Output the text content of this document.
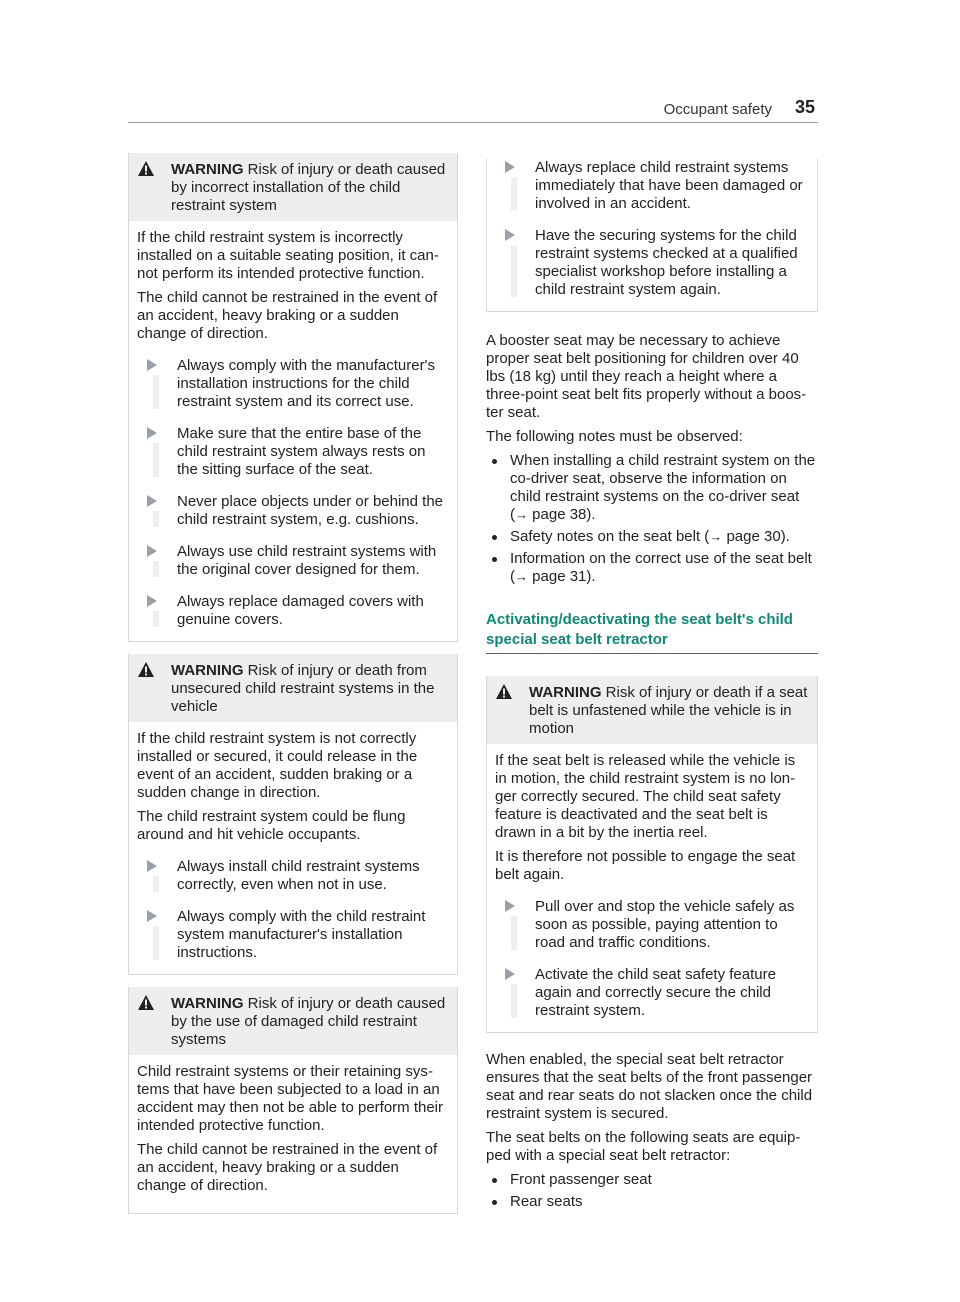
Occupant safety 35
WARNING Risk of injury or death caused by incorrect installation of the child restraint system

If the child restraint system is incorrectly installed on a suitable seating position, it cannot perform its intended protective function.

The child cannot be restrained in the event of an accident, heavy braking or a sudden change of direction.

Always comply with the manufacturer's installation instructions for the child restraint system and its correct use.
Make sure that the entire base of the child restraint system always rests on the sitting surface of the seat.
Never place objects under or behind the child restraint system, e.g. cushions.
Always use child restraint systems with the original cover designed for them.
Always replace damaged covers with genuine covers.
WARNING Risk of injury or death from unsecured child restraint systems in the vehicle

If the child restraint system is not correctly installed or secured, it could release in the event of an accident, sudden braking or a sudden change in direction.

The child restraint system could be flung around and hit vehicle occupants.

Always install child restraint systems correctly, even when not in use.
Always comply with the child restraint system manufacturer's installation instructions.
WARNING Risk of injury or death caused by the use of damaged child restraint systems

Child restraint systems or their retaining systems that have been subjected to a load in an accident may then not be able to perform their intended protective function.

The child cannot be restrained in the event of an accident, heavy braking or a sudden change of direction.

Always replace child restraint systems immediately that have been damaged or involved in an accident.
Have the securing systems for the child restraint systems checked at a qualified specialist workshop before installing a child restraint system again.

A booster seat may be necessary to achieve proper seat belt positioning for children over 40 lbs (18 kg) until they reach a height where a three-point seat belt fits properly without a booster seat.

The following notes must be observed:

When installing a child restraint system on the co-driver seat, observe the information on child restraint systems on the co-driver seat (→ page 38).
Safety notes on the seat belt (→ page 30).
Information on the correct use of the seat belt (→ page 31).
Activating/deactivating the seat belt's child special seat belt retractor
WARNING Risk of injury or death if a seat belt is unfastened while the vehicle is in motion

If the seat belt is released while the vehicle is in motion, the child restraint system is no longer correctly secured. The child seat safety feature is deactivated and the seat belt is drawn in a bit by the inertia reel.

It is therefore not possible to engage the seat belt again.

Pull over and stop the vehicle safely as soon as possible, paying attention to road and traffic conditions.
Activate the child seat safety feature again and correctly secure the child restraint system.

When enabled, the special seat belt retractor ensures that the seat belts of the front passenger seat and rear seats do not slacken once the child restraint system is secured.

The seat belts on the following seats are equipped with a special seat belt retractor:

Front passenger seat
Rear seats
